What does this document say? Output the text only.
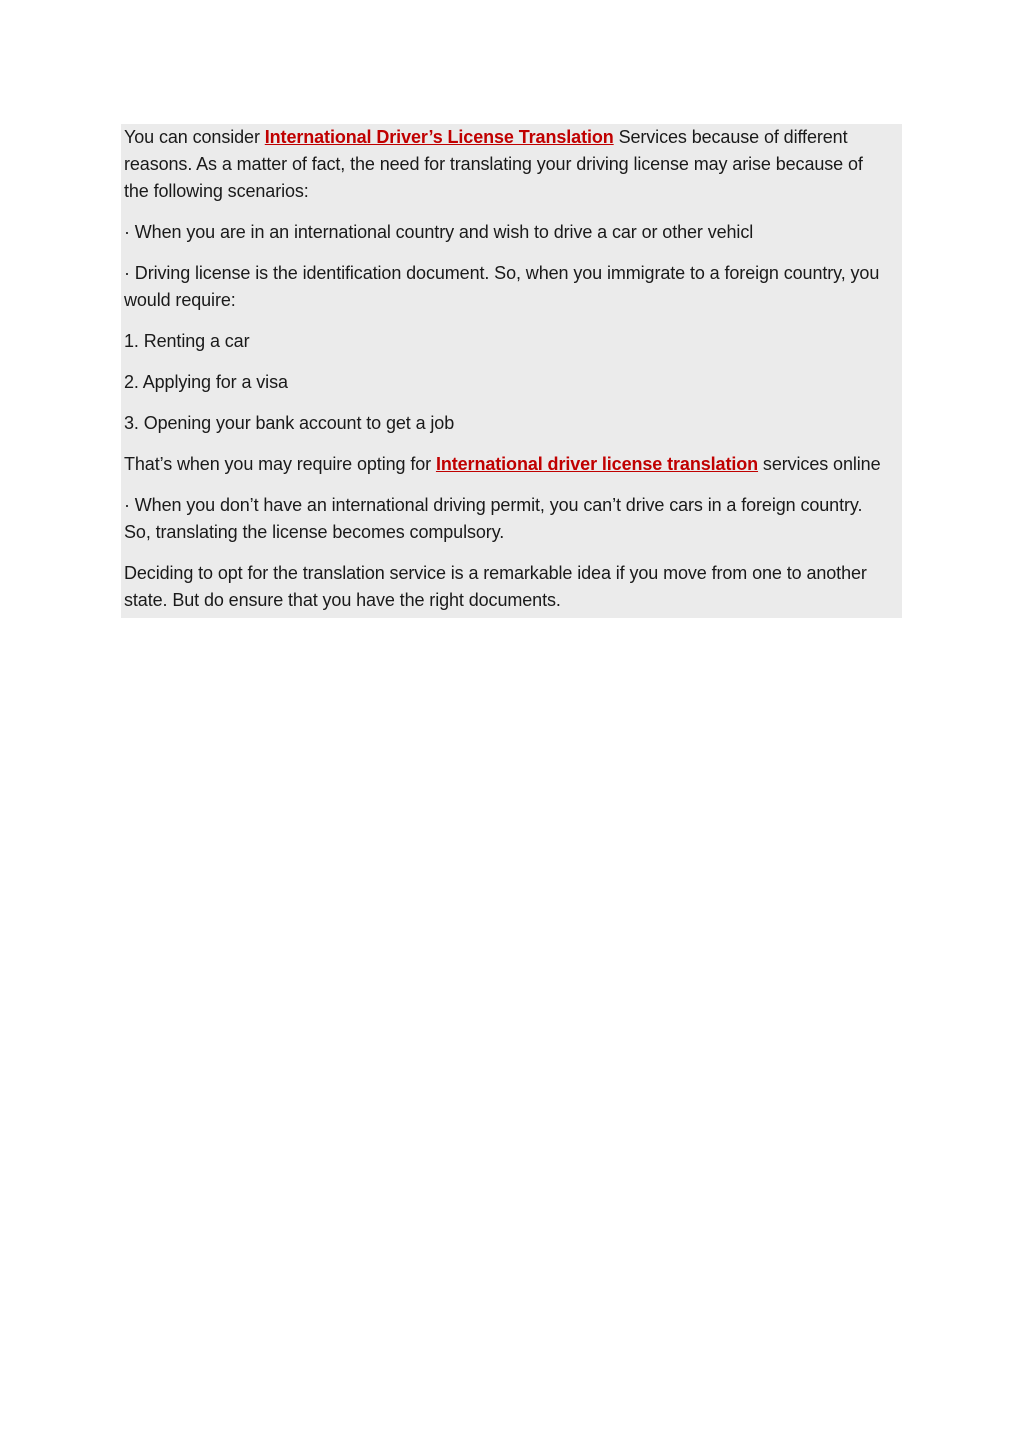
You can consider International Driver’s License Translation Services because of different reasons. As a matter of fact, the need for translating your driving license may arise because of the following scenarios:

· When you are in an international country and wish to drive a car or other vehicl

· Driving license is the identification document. So, when you immigrate to a foreign country, you would require:

1. Renting a car

2. Applying for a visa

3. Opening your bank account to get a job

That’s when you may require opting for International driver license translation services online

· When you don’t have an international driving permit, you can’t drive cars in a foreign country. So, translating the license becomes compulsory.

Deciding to opt for the translation service is a remarkable idea if you move from one to another state. But do ensure that you have the right documents.
